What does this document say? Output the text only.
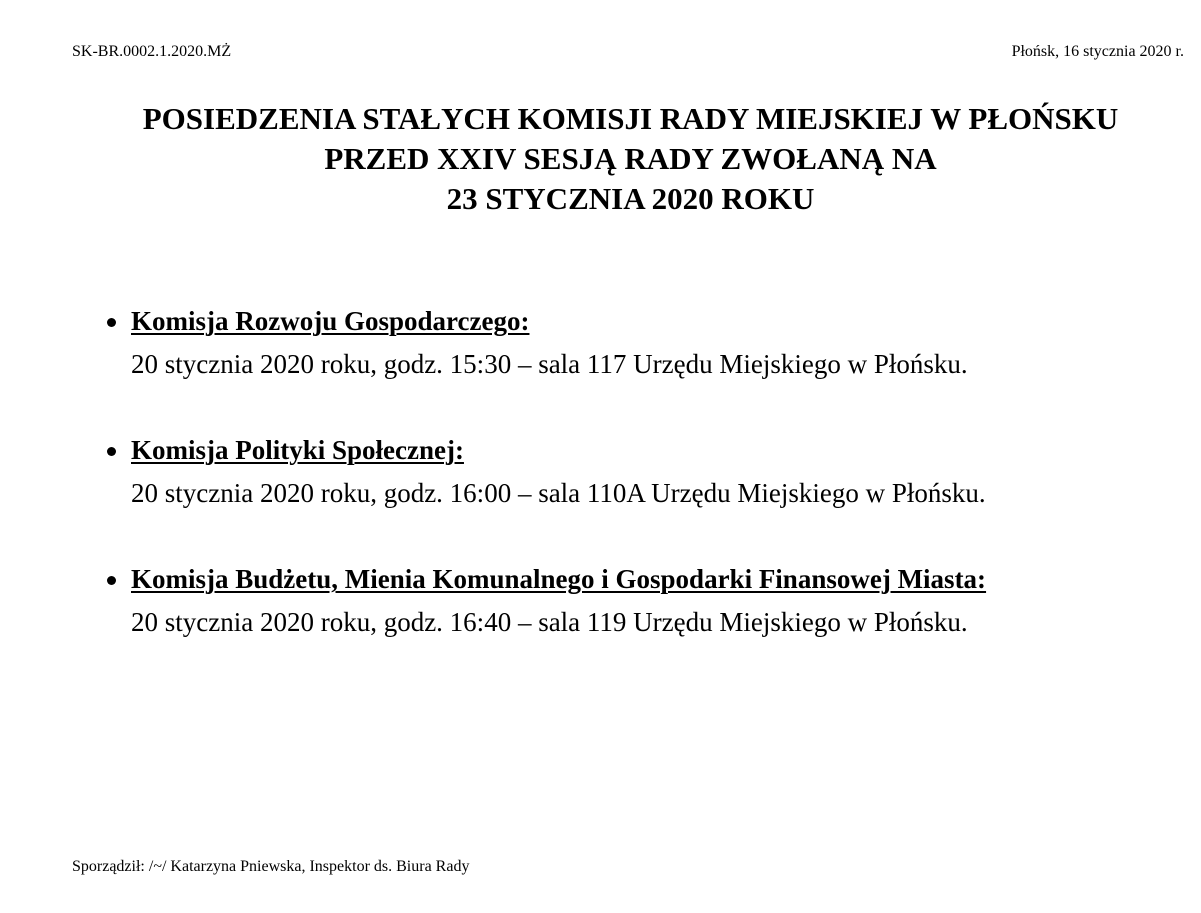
SK-BR.0002.1.2020.MŻ	Płońsk, 16 stycznia 2020 r.
POSIEDZENIA STAŁYCH KOMISJI RADY MIEJSKIEJ W PŁOŃSKU
PRZED XXIV SESJĄ RADY ZWOŁANĄ NA
23 STYCZNIA 2020 ROKU
Komisja Rozwoju Gospodarczego:
20 stycznia 2020 roku, godz. 15:30 – sala 117 Urzędu Miejskiego w Płońsku.
Komisja Polityki Społecznej:
20 stycznia 2020 roku, godz. 16:00 – sala 110A Urzędu Miejskiego w Płońsku.
Komisja Budżetu, Mienia Komunalnego i Gospodarki Finansowej Miasta:
20 stycznia 2020 roku, godz. 16:40 – sala 119 Urzędu Miejskiego w Płońsku.
Sporządził: /~/ Katarzyna Pniewska, Inspektor ds. Biura Rady
